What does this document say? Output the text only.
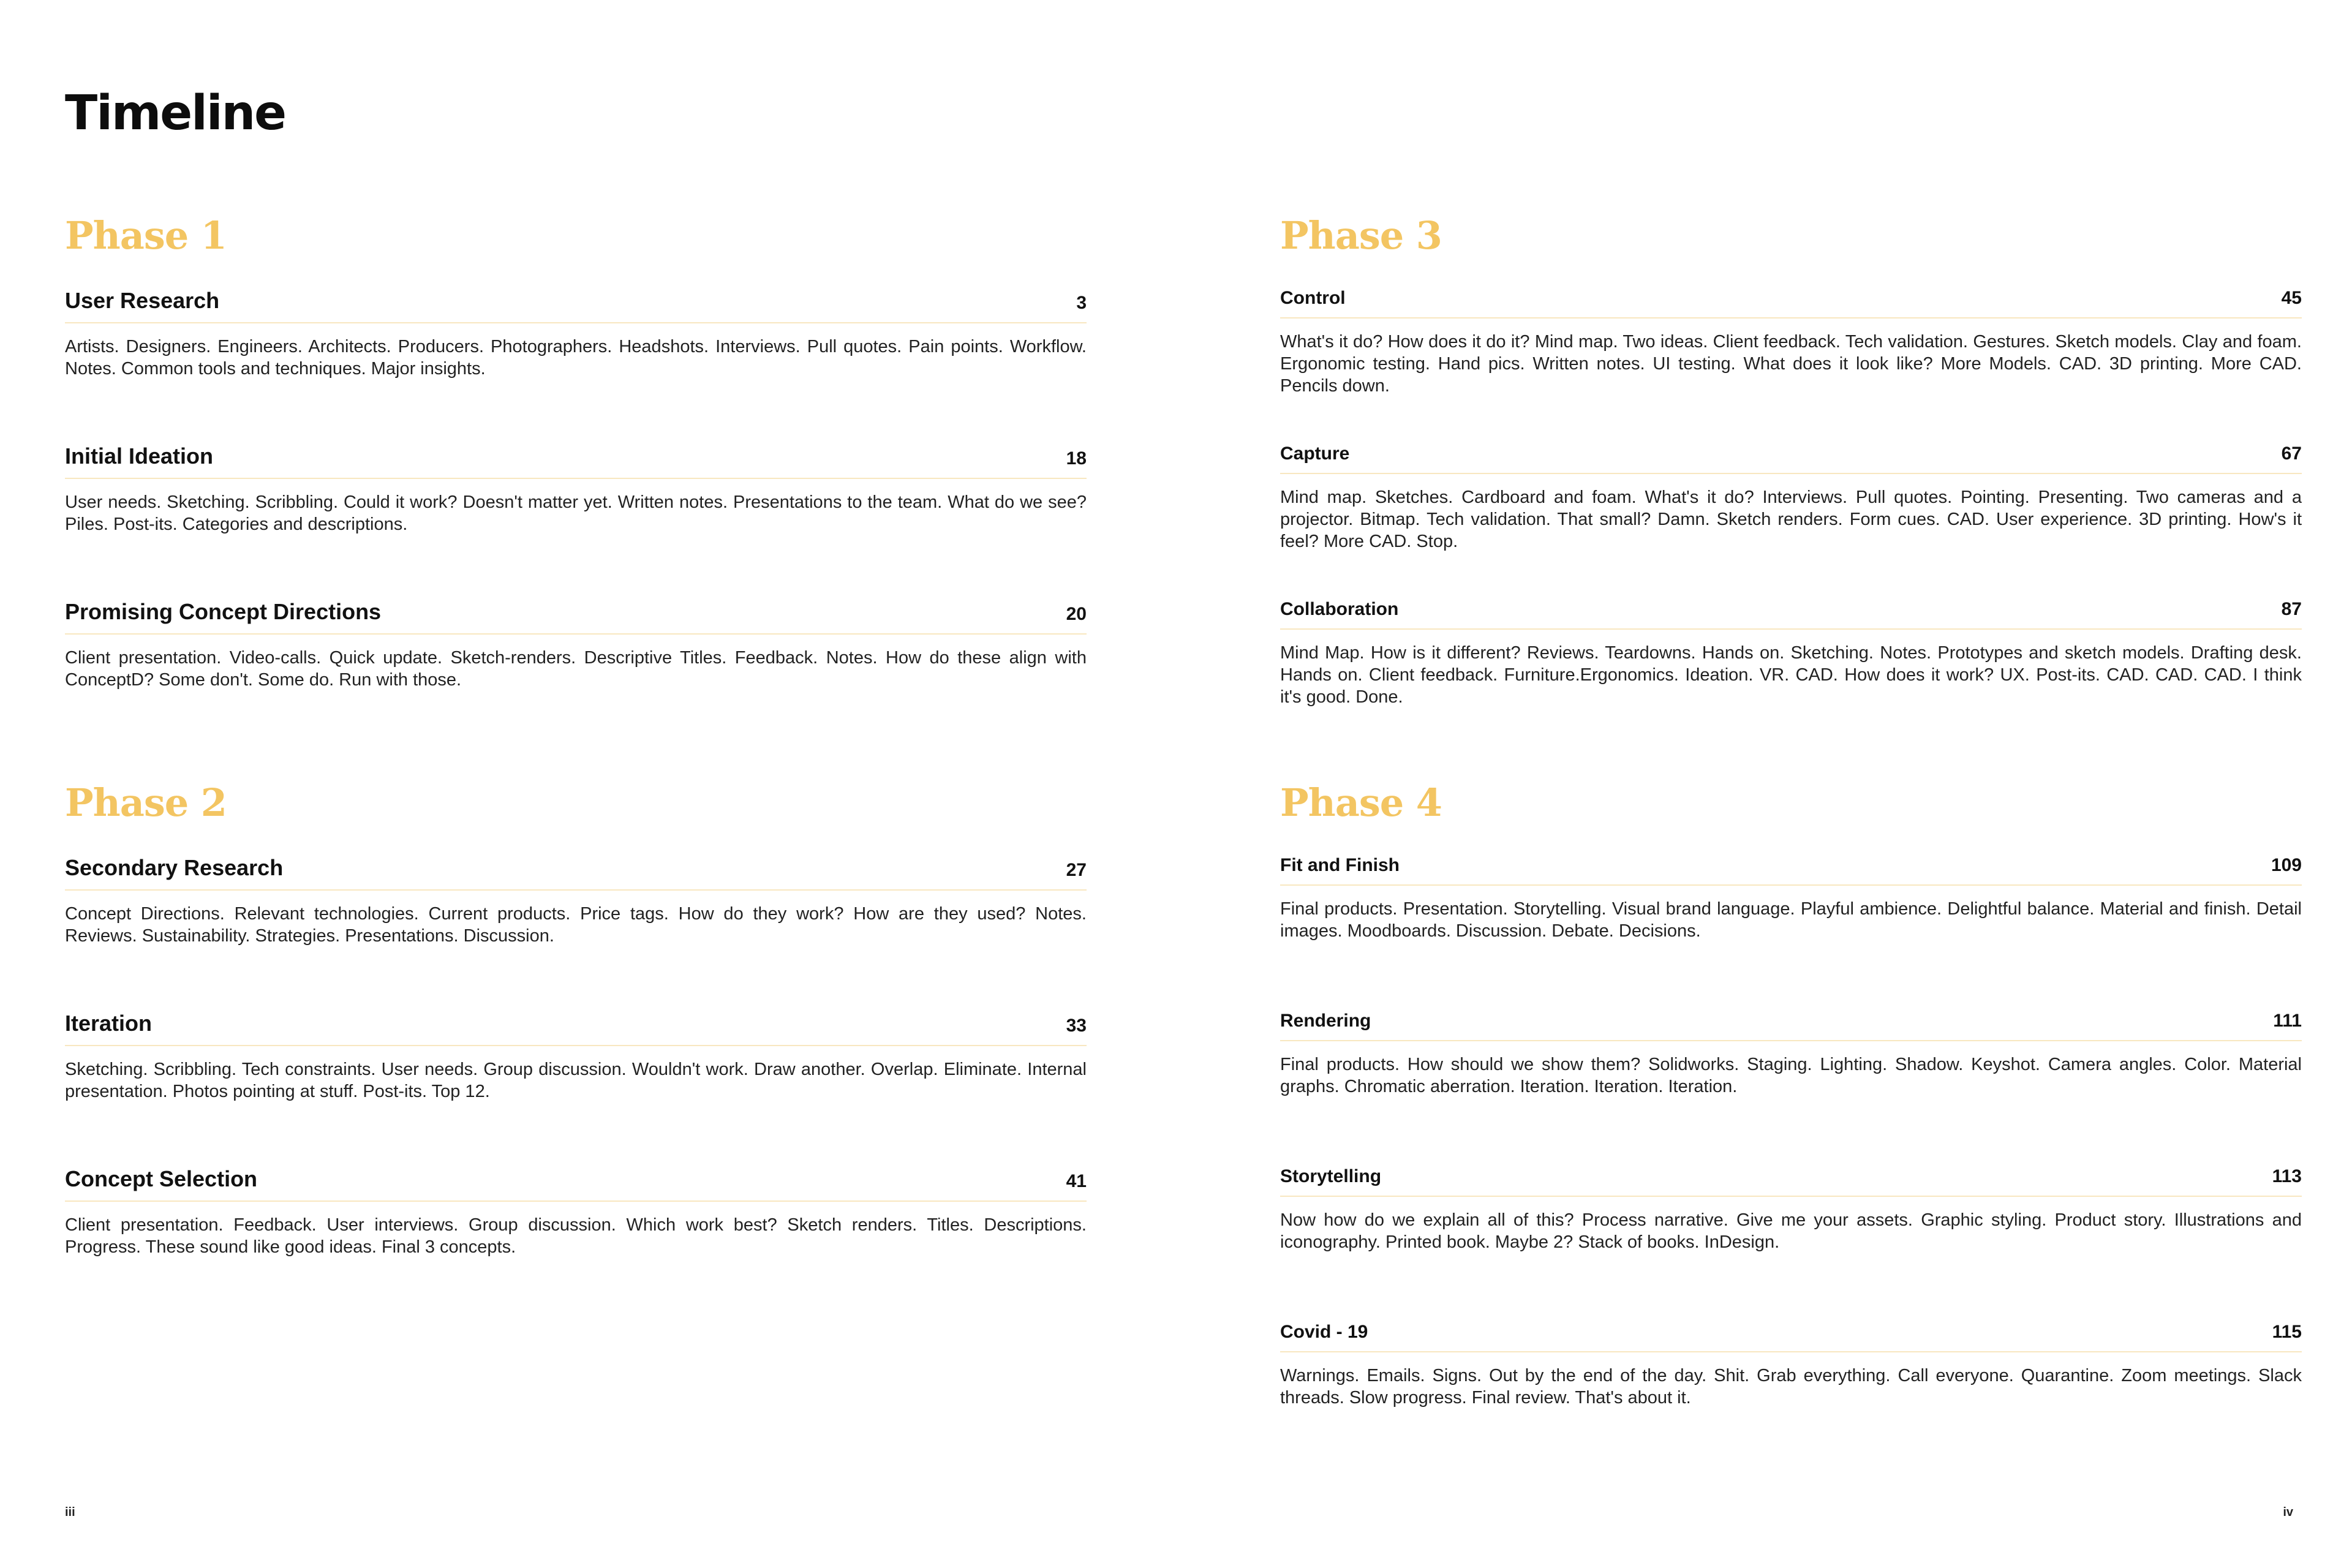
Timeline
Phase 1
User Research	3

Artists. Designers. Engineers. Architects. Producers. Photographers. Headshots. Interviews. Pull quotes. Pain points. Workflow. Notes. Common tools and techniques. Major insights.

Initial Ideation	18

User needs. Sketching. Scribbling. Could it work? Doesn't matter yet. Written notes. Presentations to the team. What do we see? Piles. Post-its. Categories and descriptions.

Promising Concept Directions	20

Client presentation. Video-calls. Quick update. Sketch-renders. Descriptive Titles. Feedback. Notes. How do these align with ConceptD? Some don't. Some do. Run with those.

Phase 2
Secondary Research	27

Concept Directions. Relevant technologies. Current products. Price tags. How do they work? How are they used? Notes. Reviews. Sustainability. Strategies. Presentations. Discussion.

Iteration	33

Sketching. Scribbling. Tech constraints. User needs. Group discussion. Wouldn't work. Draw another. Overlap. Eliminate. Internal presentation. Photos pointing at stuff. Post-its. Top 12.

Concept Selection	41

Client presentation. Feedback. User interviews. Group discussion. Which work best? Sketch renders. Titles. Descriptions. Progress. These sound like good ideas. Final 3 concepts.

Phase 3
Control	45

What's it do? How does it do it? Mind map. Two ideas. Client feedback. Tech validation. Gestures. Sketch models. Clay and foam. Ergonomic testing. Hand pics. Written notes. UI testing. What does it look like? More Models. CAD. 3D printing. More CAD. Pencils down.

Capture	67

Mind map. Sketches. Cardboard and foam. What's it do? Interviews. Pull quotes. Pointing. Presenting. Two cameras and a projector. Bitmap. Tech validation. That small? Damn. Sketch renders. Form cues. CAD. User experience. 3D printing. How's it feel? More CAD. Stop.

Collaboration	87

Mind Map. How is it different? Reviews. Teardowns. Hands on. Sketching. Notes. Prototypes and sketch models. Drafting desk. Hands on. Client feedback. Furniture.Ergonomics. Ideation. VR. CAD. How does it work? UX. Post-its. CAD. CAD. CAD. I think it's good. Done.

Phase 4
Fit and Finish	109

Final products. Presentation. Storytelling. Visual brand language. Playful ambience. Delightful balance. Material and finish. Detail images. Moodboards. Discussion. Debate. Decisions.

Rendering	111

Final products. How should we show them? Solidworks. Staging. Lighting. Shadow. Keyshot. Camera angles. Color. Material graphs. Chromatic aberration. Iteration. Iteration. Iteration.

Storytelling	113

Now how do we explain all of this? Process narrative. Give me your assets. Graphic styling. Product story. Illustrations and iconography. Printed book. Maybe 2? Stack of books. InDesign.

Covid - 19	115

Warnings. Emails. Signs. Out by the end of the day. Shit. Grab everything. Call everyone. Quarantine. Zoom meetings. Slack threads. Slow progress. Final review. That's about it.

iii	iv
